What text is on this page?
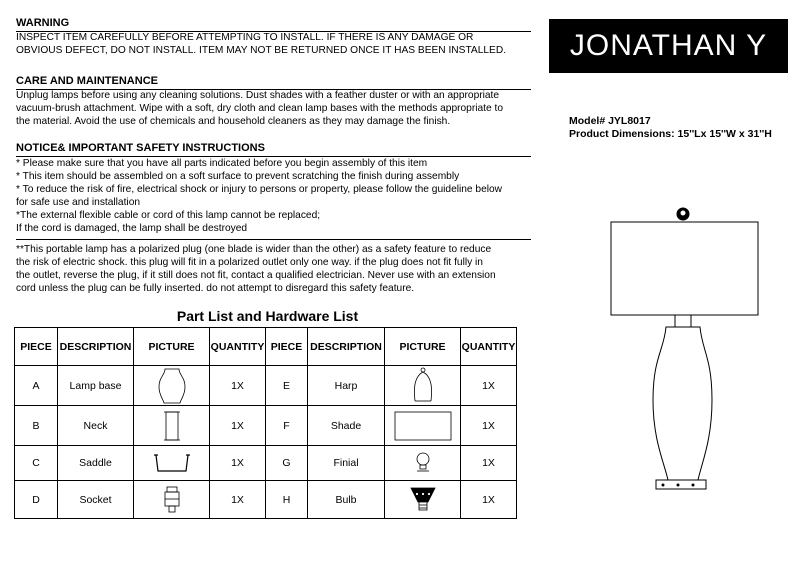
WARNING
INSPECT ITEM CAREFULLY BEFORE ATTEMPTING TO INSTALL. IF THERE IS ANY DAMAGE OR
OBVIOUS DEFECT, DO NOT INSTALL. ITEM MAY NOT BE RETURNED ONCE IT HAS BEEN INSTALLED.
CARE AND MAINTENANCE
Unplug lamps before using any cleaning solutions. Dust shades with a feather duster or with an appropriate
vacuum-brush attachment. Wipe with a soft, dry cloth and clean lamp bases with the methods appropriate to
the material. Avoid the use of chemicals and household cleaners as they may damage the finish.
NOTICE& IMPORTANT SAFETY INSTRUCTIONS
* Please make sure that you have all parts indicated before you begin assembly of this item
* This item should be assembled on a soft surface to prevent scratching the finish during assembly
* To reduce the risk of fire, electrical shock or injury to persons or property, please follow the guideline below
for safe use and installation
*The external flexible cable or cord of this lamp cannot be replaced;
If the cord is damaged, the lamp shall be destroyed
**This portable lamp has a polarized plug (one blade is wider than the other) as a safety feature to reduce
the risk of electric shock. this plug will fit in a polarized outlet only one way. if the plug does not fit fully in
the outlet, reverse the plug, if it still does not fit, contact a qualified electrician. Never use with an extension
cord unless the plug can be fully inserted. do not attempt to disregard this safety feature.
JONATHAN Y
Model# JYL8017
Product Dimensions: 15''Lx 15''W x 31''H
Part List and Hardware List
PIECE	DESCRIPTION	PICTURE	QUANTITY	PIECE	DESCRIPTION	PICTURE	QUANTITY
A	Lamp base		1X	E	Harp		1X
B	Neck		1X	F	Shade		1X
C	Saddle		1X	G	Finial		1X
D	Socket		1X	H	Bulb		1X
